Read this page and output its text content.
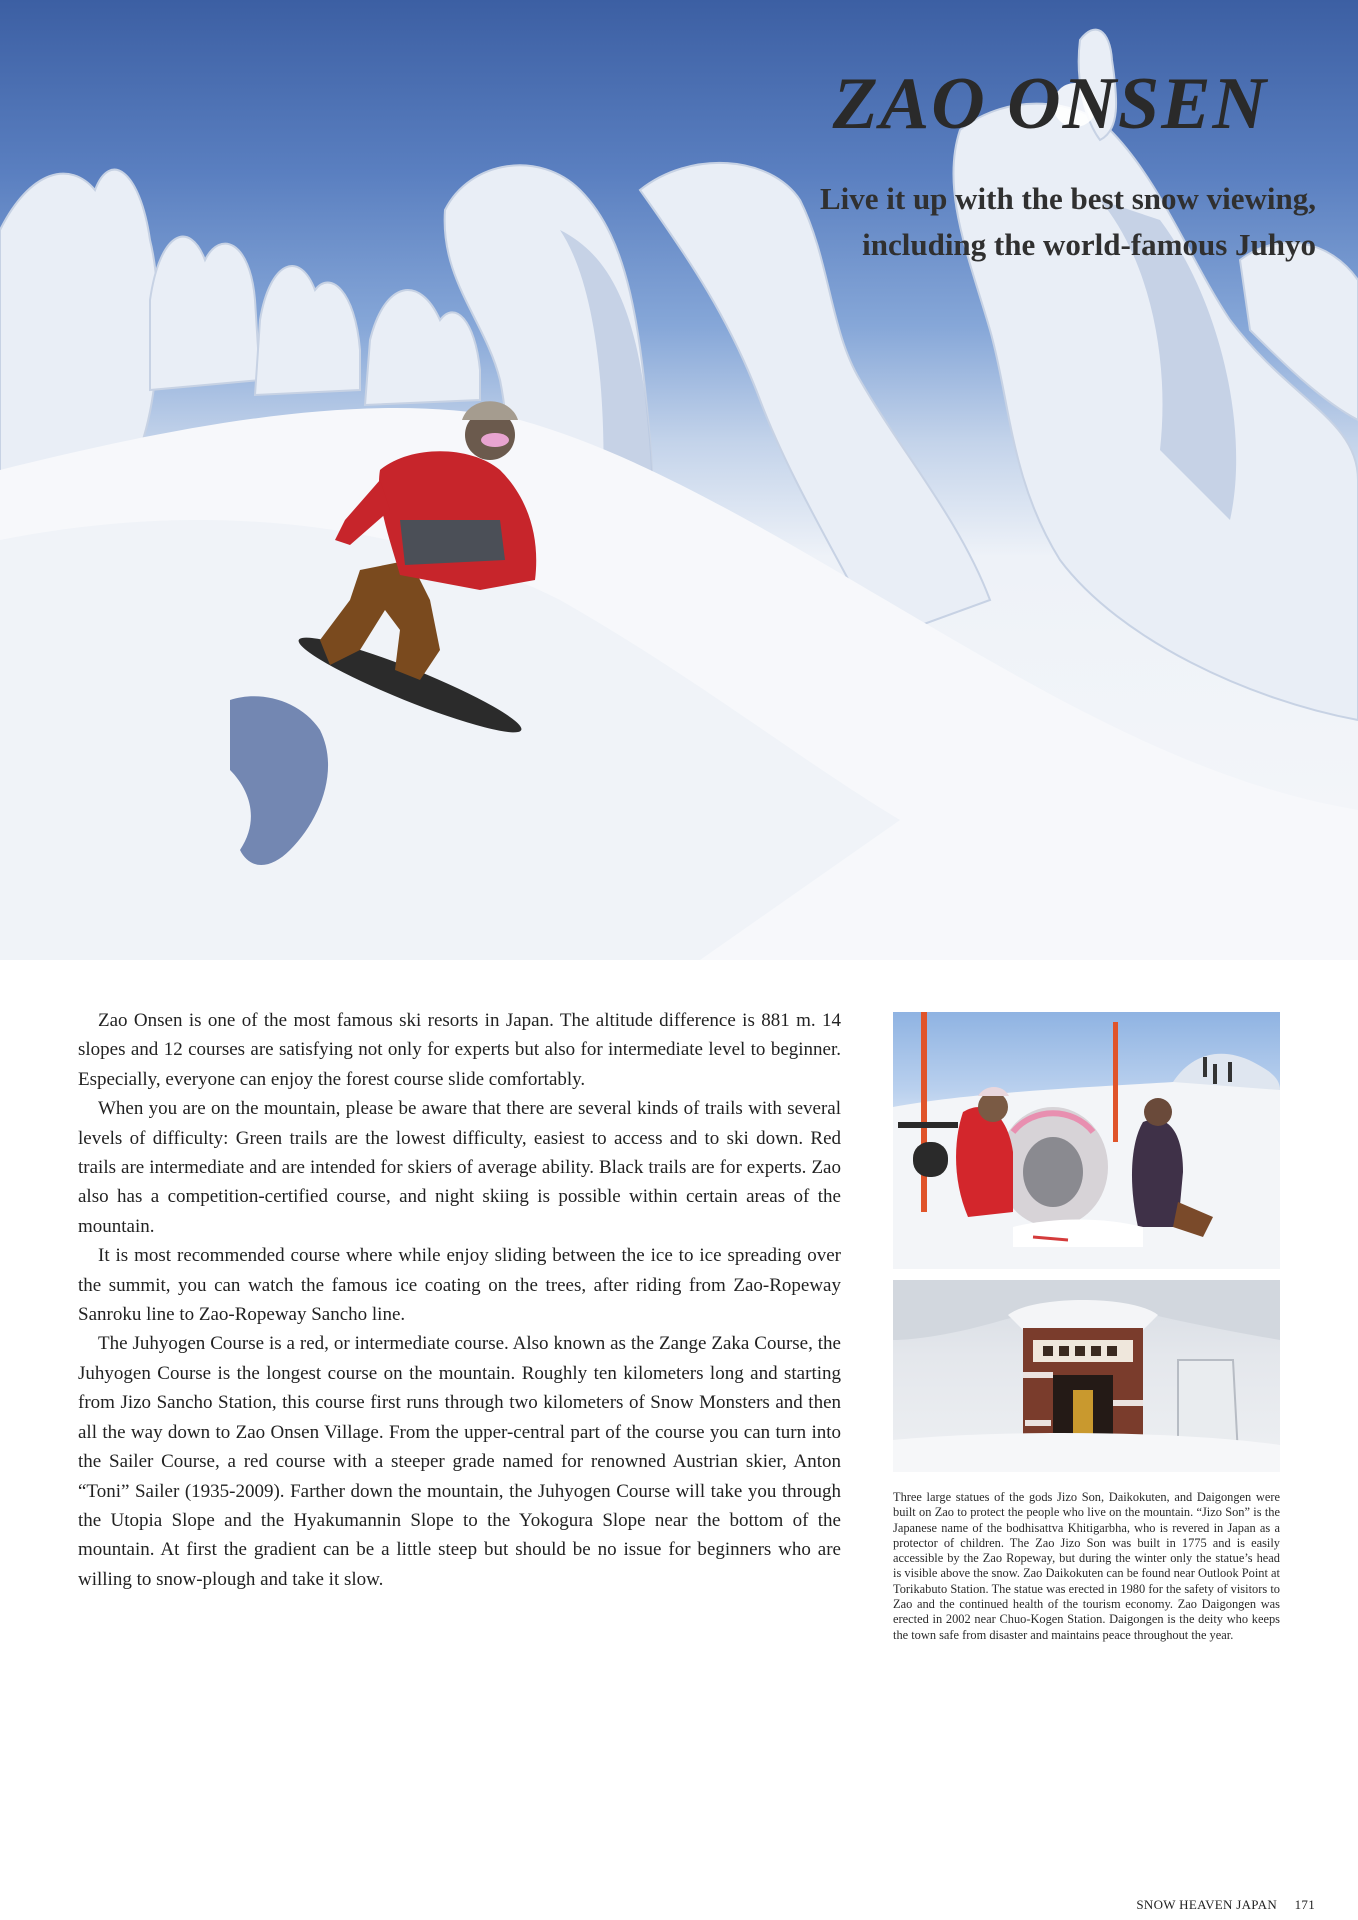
ZAO ONSEN
Live it up with the best snow viewing,
including the world-famous Juhyo

Zao Onsen is one of the most famous ski resorts in Japan. The altitude difference is 881 m. 14 slopes and 12 courses are satisfying not only for experts but also for intermediate level to beginner. Especially, everyone can enjoy the forest course slide comfortably.

When you are on the mountain, please be aware that there are several kinds of trails with several levels of difficulty: Green trails are the lowest difficulty, easiest to access and to ski down. Red trails are intermediate and are intended for skiers of average ability. Black trails are for experts. Zao also has a competition-certified course, and night skiing is possible within certain areas of the mountain.

It is most recommended course where while enjoy sliding between the ice to ice spreading over the summit, you can watch the famous ice coating on the trees, after riding from Zao-Ropeway Sanroku line to Zao-Ropeway Sancho line.

The Juhyogen Course is a red, or intermediate course. Also known as the Zange Zaka Course, the Juhyogen Course is the longest course on the mountain. Roughly ten kilometers long and starting from Jizo Sancho Station, this course first runs through two kilometers of Snow Monsters and then all the way down to Zao Onsen Village. From the upper-central part of the course you can turn into the Sailer Course, a red course with a steeper grade named for renowned Austrian skier, Anton “Toni” Sailer (1935-2009). Farther down the mountain, the Juhyogen Course will take you through the Utopia Slope and the Hyakumannin Slope to the Yokogura Slope near the bottom of the mountain. At first the gradient can be a little steep but should be no issue for beginners who are willing to snow-plough and take it slow.

Three large statues of the gods Jizo Son, Daikokuten, and Daigongen were built on Zao to protect the people who live on the mountain. “Jizo Son” is the Japanese name of the bodhisattva Khitigarbha, who is revered in Japan as a protector of children. The Zao Jizo Son was built in 1775 and is easily accessible by the Zao Ropeway, but during the winter only the statue’s head is visible above the snow. Zao Daikokuten can be found near Outlook Point at Torikabuto Station. The statue was erected in 1980 for the safety of visitors to Zao and the continued health of the tourism economy. Zao Daigongen was erected in 2002 near Chuo-Kogen Station. Daigongen is the deity who keeps the town safe from disaster and maintains peace throughout the year.

SNOW HEAVEN JAPAN 171
